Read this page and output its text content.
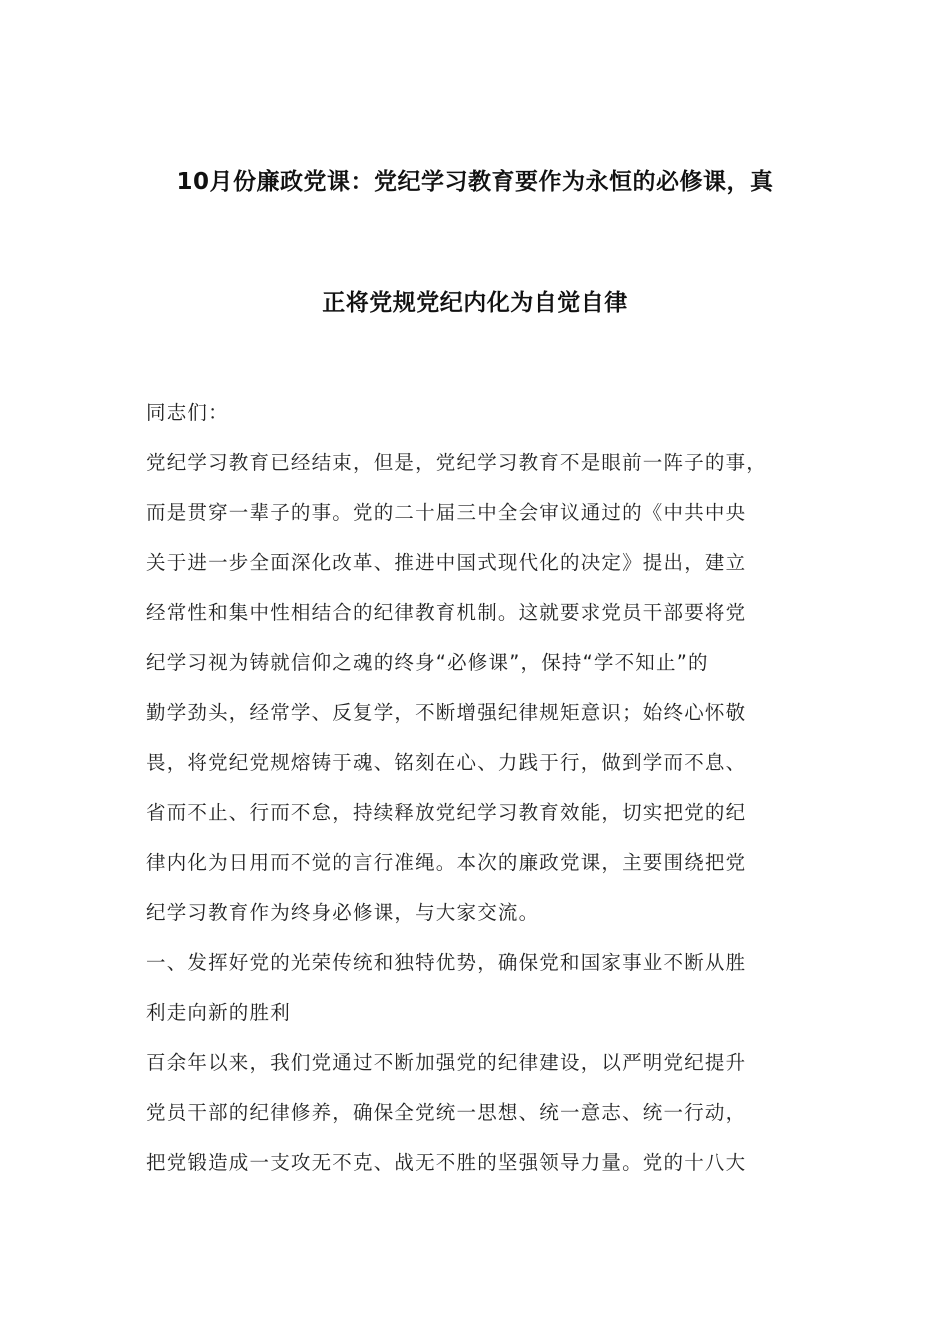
10月份廉政党课：党纪学习教育要作为永恒的必修课，真
正将党规党纪内化为自觉自律
同志们：
党纪学习教育已经结束，但是，党纪学习教育不是眼前一阵子的事，
而是贯穿一辈子的事。党的二十届三中全会审议通过的《中共中央
关于进一步全面深化改革、推进中国式现代化的决定》提出，建立
经常性和集中性相结合的纪律教育机制。这就要求党员干部要将党
纪学习视为铸就信仰之魂的终身“必修课”，保持“学不知止”的
勤学劲头，经常学、反复学，不断增强纪律规矩意识；始终心怀敬
畏，将党纪党规熔铸于魂、铭刻在心、力践于行，做到学而不息、
省而不止、行而不怠，持续释放党纪学习教育效能，切实把党的纪
律内化为日用而不觉的言行准绳。本次的廉政党课，主要围绕把党
纪学习教育作为终身必修课，与大家交流。
一、发挥好党的光荣传统和独特优势，确保党和国家事业不断从胜
利走向新的胜利
百余年以来，我们党通过不断加强党的纪律建设，以严明党纪提升
党员干部的纪律修养，确保全党统一思想、统一意志、统一行动，
把党锻造成一支攻无不克、战无不胜的坚强领导力量。党的十八大
